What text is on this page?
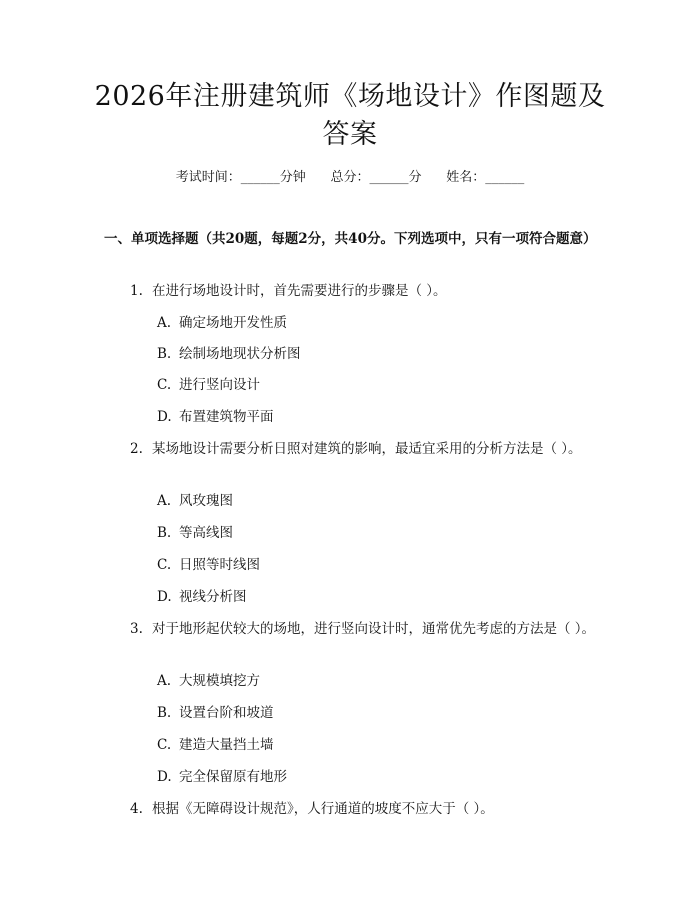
2026年注册建筑师《场地设计》作图题及答案
考试时间：______分钟      总分：______分      姓名：______
一、单项选择题（共20题，每题2分，共40分。下列选项中，只有一项符合题意）
1. 在进行场地设计时，首先需要进行的步骤是（ ）。
A. 确定场地开发性质
B. 绘制场地现状分析图
C. 进行竖向设计
D. 布置建筑物平面
2. 某场地设计需要分析日照对建筑的影响，最适宜采用的分析方法是（ ）。
A. 风玫瑰图
B. 等高线图
C. 日照等时线图
D. 视线分析图
3. 对于地形起伏较大的场地，进行竖向设计时，通常优先考虑的方法是（ ）。
A. 大规模填挖方
B. 设置台阶和坡道
C. 建造大量挡土墙
D. 完全保留原有地形
4. 根据《无障碍设计规范》，人行通道的坡度不应大于（ ）。
